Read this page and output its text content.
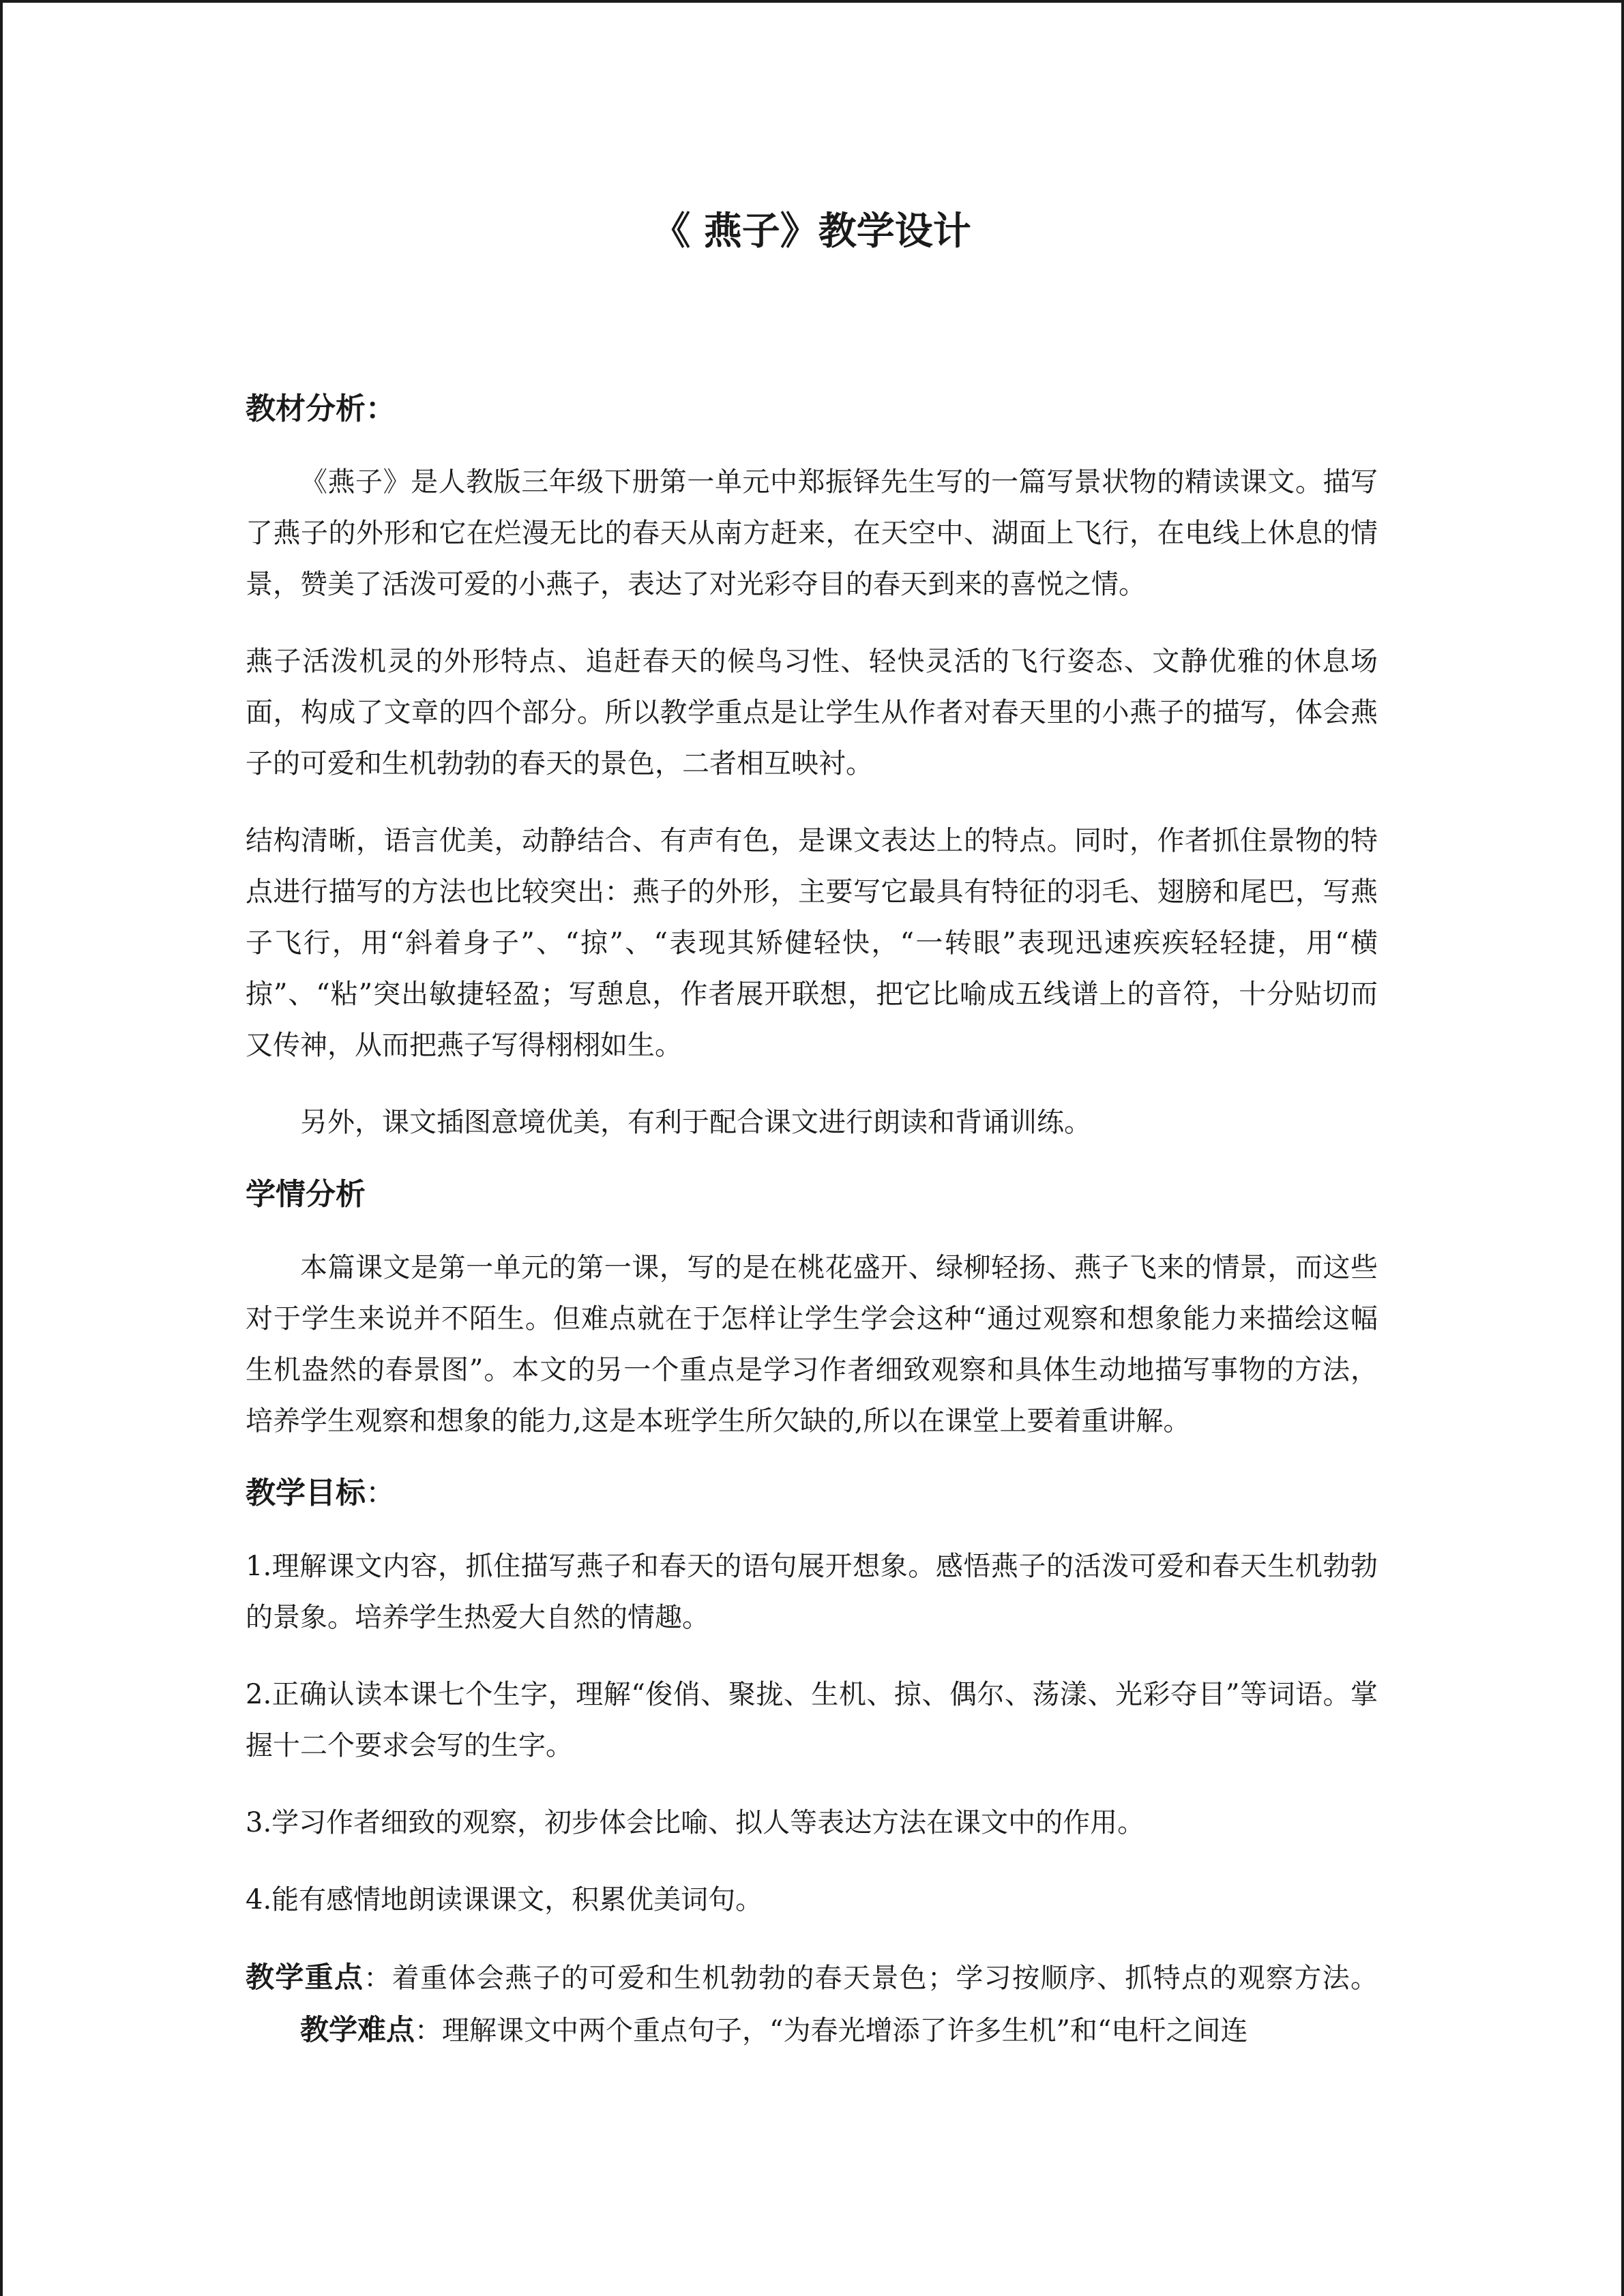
《 燕子》教学设计
教材分析：

《燕子》是人教版三年级下册第一单元中郑振铎先生写的一篇写景状物的精读课文。描写了燕子的外形和它在烂漫无比的春天从南方赶来，在天空中、湖面上飞行，在电线上休息的情景，赞美了活泼可爱的小燕子，表达了对光彩夺目的春天到来的喜悦之情。

燕子活泼机灵的外形特点、追赶春天的候鸟习性、轻快灵活的飞行姿态、文静优雅的休息场面，构成了文章的四个部分。所以教学重点是让学生从作者对春天里的小燕子的描写，体会燕子的可爱和生机勃勃的春天的景色，二者相互映衬。

结构清晰，语言优美，动静结合、有声有色，是课文表达上的特点。同时，作者抓住景物的特点进行描写的方法也比较突出：燕子的外形，主要写它最具有特征的羽毛、翅膀和尾巴，写燕子飞行，用“斜着身子”、“掠”、“表现其矫健轻快，“一转眼”表现迅速疾疾轻轻捷，用“横掠”、“粘”突出敏捷轻盈；写憩息，作者展开联想，把它比喻成五线谱上的音符，十分贴切而又传神，从而把燕子写得栩栩如生。

另外，课文插图意境优美，有利于配合课文进行朗读和背诵训练。

学情分析

本篇课文是第一单元的第一课，写的是在桃花盛开、绿柳轻扬、燕子飞来的情景，而这些对于学生来说并不陌生。但难点就在于怎样让学生学会这种“通过观察和想象能力来描绘这幅生机盎然的春景图”。本文的另一个重点是学习作者细致观察和具体生动地描写事物的方法，培养学生观察和想象的能力,这是本班学生所欠缺的,所以在课堂上要着重讲解。

教学目标：

1.理解课文内容，抓住描写燕子和春天的语句展开想象。感悟燕子的活泼可爱和春天生机勃勃的景象。培养学生热爱大自然的情趣。

2.正确认读本课七个生字，理解“俊俏、聚拢、生机、掠、偶尔、荡漾、光彩夺目”等词语。掌握十二个要求会写的生字。

3.学习作者细致的观察，初步体会比喻、拟人等表达方法在课文中的作用。

4.能有感情地朗读课课文，积累优美词句。

教学重点：着重体会燕子的可爱和生机勃勃的春天景色；学习按顺序、抓特点的观察方法。教学难点：理解课文中两个重点句子，“为春光增添了许多生机”和“电杆之间连
